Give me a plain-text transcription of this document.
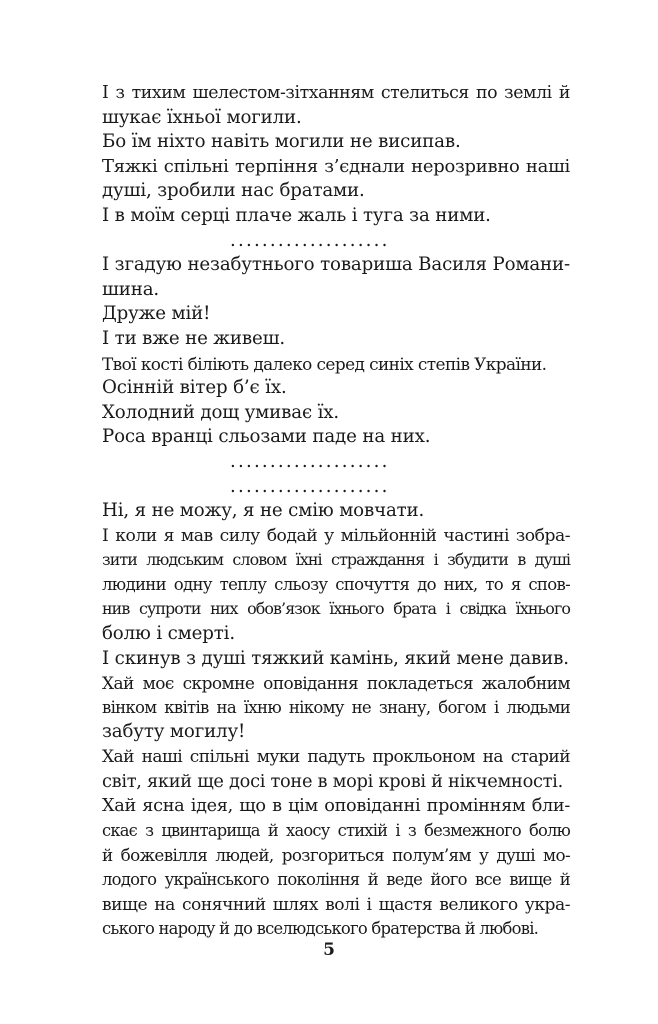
І з тихим шелестом-зітханням стелиться по землі й
шукає їхньої могили.

Бо їм ніхто навіть могили не висипав.

Тяжкі спільні терпіння з’єднали нерозривно наші
душі, зробили нас братами.

І в моїм серці плаче жаль і туга за ними.

....................

І згадую незабутнього товариша Василя Романи-
шина.

Друже мій!

І ти вже не живеш.

Твої кості біліють далеко серед синіх степів України.

Осінній вітер б’є їх.

Холодний дощ умиває їх.

Роса вранці сльозами паде на них.

....................
....................

Ні, я не можу, я не смію мовчати.

І коли я мав силу бодай у мільйонній частині зобра-
зити людським словом їхні страждання і збудити в душі
людини одну теплу сльозу спочуття до них, то я спов-
нив супроти них обов’язок їхнього брата і свідка їхнього
болю і смерті.

І скинув з душі тяжкий камінь, який мене давив.

Хай моє скромне оповідання покладеться жалобним
вінком квітів на їхню нікому не знану, богом і людьми
забуту могилу!

Хай наші спільні муки падуть прокльоном на старий
світ, який ще досі тоне в морі крові й нікчемності.

Хай ясна ідея, що в цім оповіданні промінням бли-
скає з цвинтарища й хаосу стихій і з безмежного болю
й божевілля людей, розгориться полум’ям у душі мо-
лодого українського покоління й веде його все вище й
вище на сонячний шлях волі і щастя великого укра-
ського народу й до вселюдського братерства й любові.

5
